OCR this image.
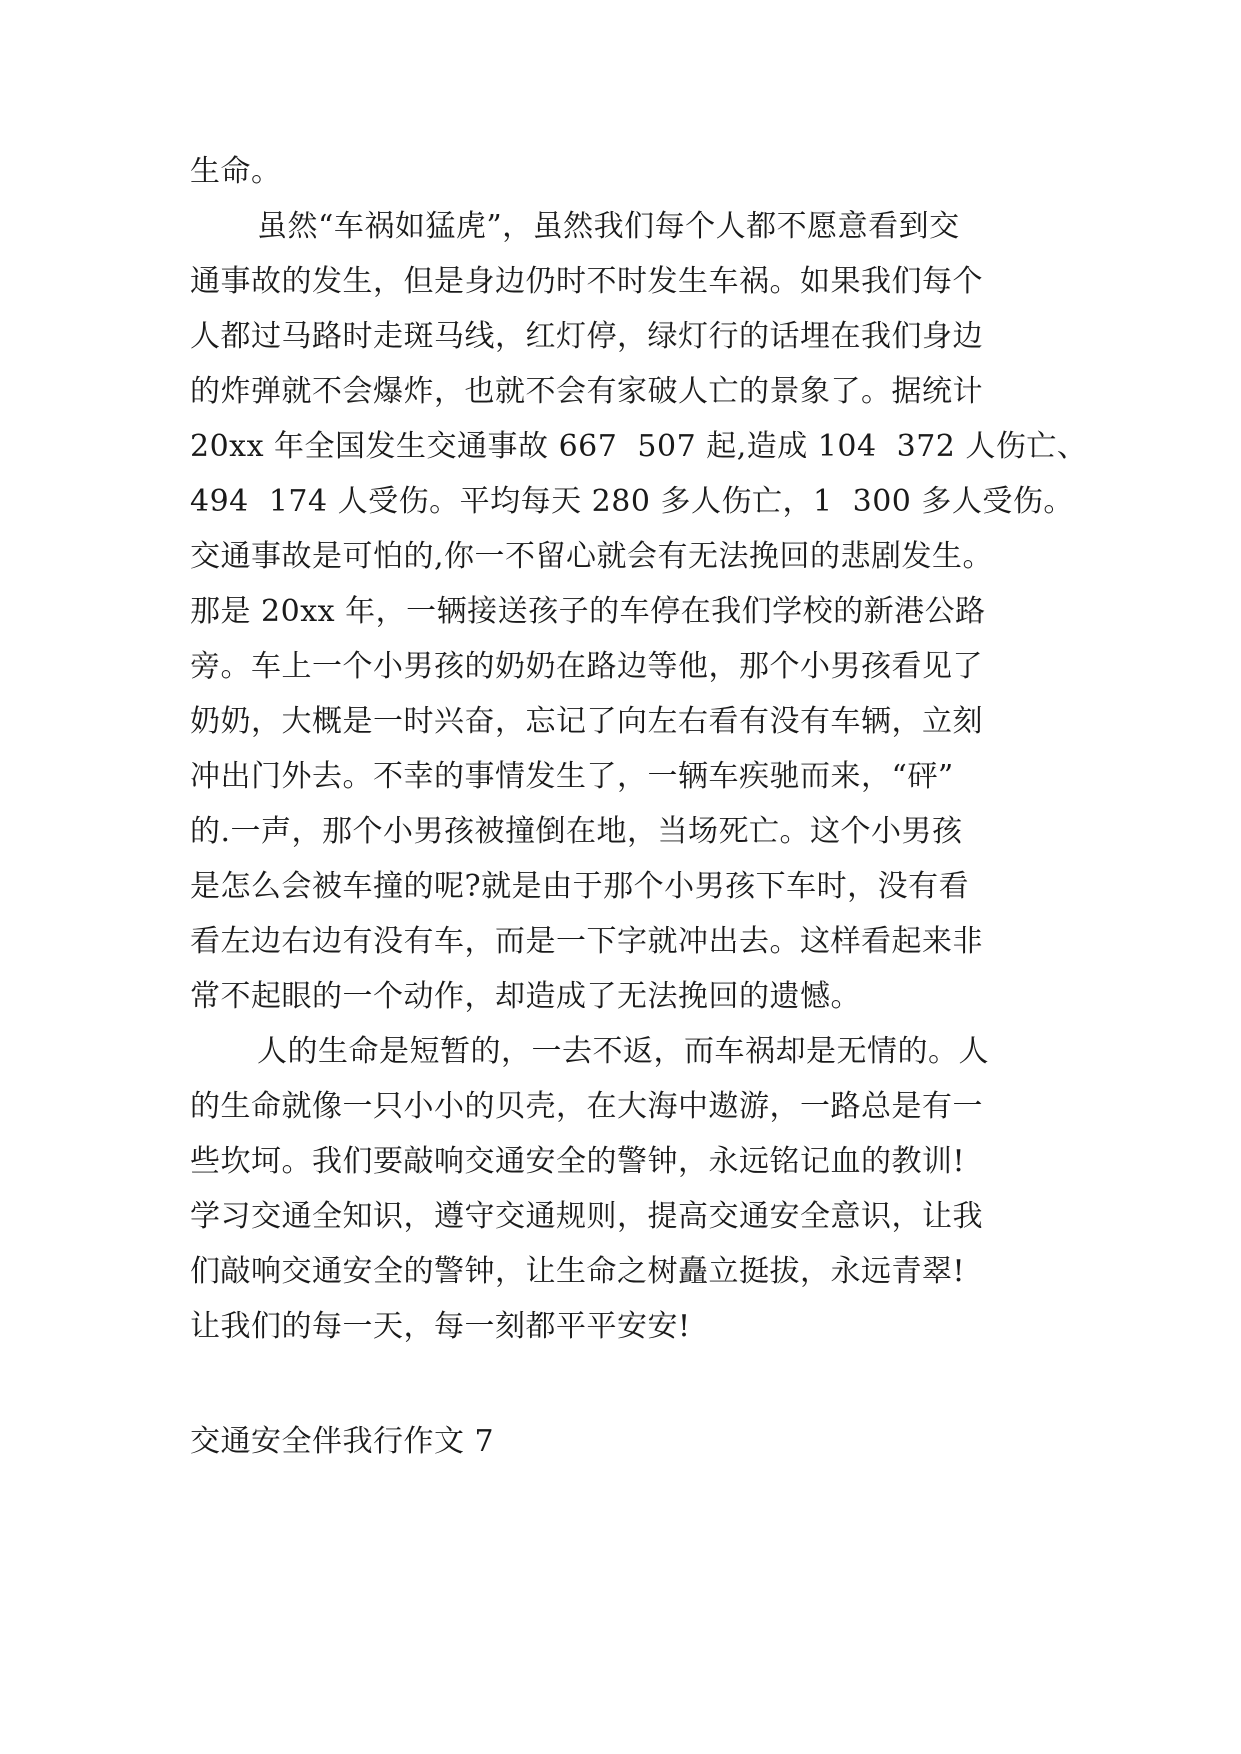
生命。
虽然“车祸如猛虎”，虽然我们每个人都不愿意看到交
通事故的发生，但是身边仍时不时发生车祸。如果我们每个
人都过马路时走斑马线，红灯停，绿灯行的话埋在我们身边
的炸弹就不会爆炸，也就不会有家破人亡的景象了。据统计
20xx 年全国发生交通事故 667  507 起,造成 104  372 人伤亡、
494  174 人受伤。平均每天 280 多人伤亡，1  300 多人受伤。
交通事故是可怕的,你一不留心就会有无法挽回的悲剧发生。
那是 20xx 年，一辆接送孩子的车停在我们学校的新港公路
旁。车上一个小男孩的奶奶在路边等他，那个小男孩看见了
奶奶，大概是一时兴奋，忘记了向左右看有没有车辆，立刻
冲出门外去。不幸的事情发生了，一辆车疾驰而来，“砰”
的.一声，那个小男孩被撞倒在地，当场死亡。这个小男孩
是怎么会被车撞的呢?就是由于那个小男孩下车时，没有看
看左边右边有没有车，而是一下字就冲出去。这样看起来非
常不起眼的一个动作，却造成了无法挽回的遗憾。
人的生命是短暂的，一去不返，而车祸却是无情的。人
的生命就像一只小小的贝壳，在大海中遨游，一路总是有一
些坎坷。我们要敲响交通安全的警钟，永远铭记血的教训!
学习交通全知识，遵守交通规则，提高交通安全意识，让我
们敲响交通安全的警钟，让生命之树矗立挺拔，永远青翠!
让我们的每一天，每一刻都平平安安!
交通安全伴我行作文 7
